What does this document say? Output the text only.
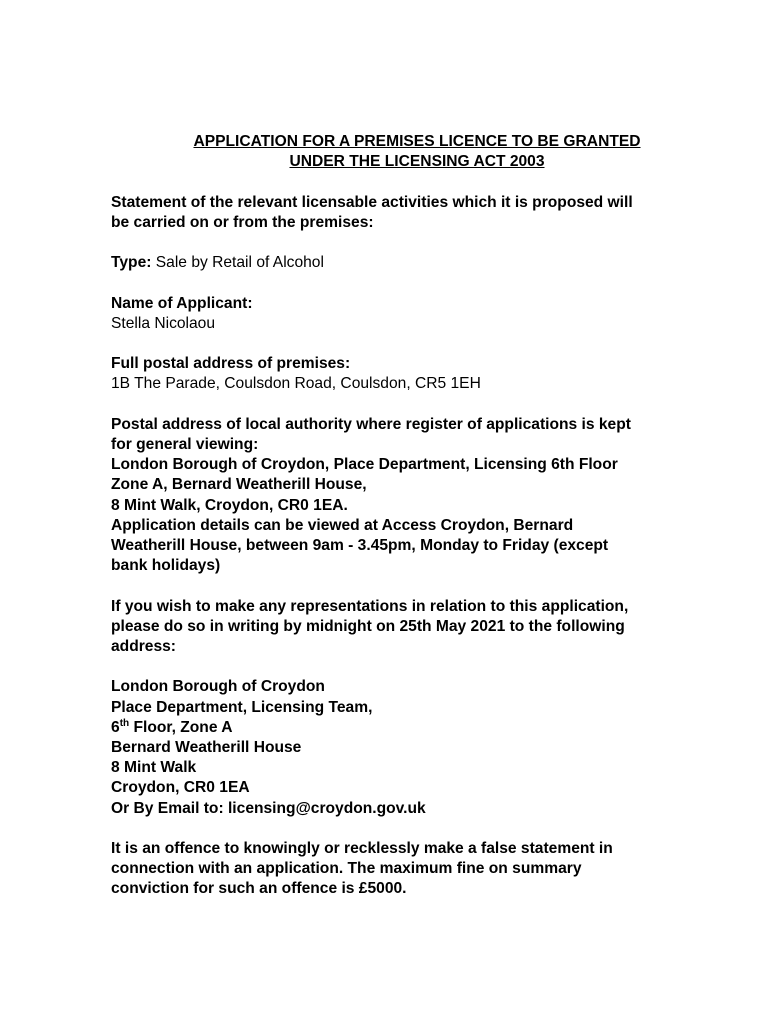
APPLICATION FOR A PREMISES LICENCE TO BE GRANTED
UNDER THE LICENSING ACT 2003
Statement of the relevant licensable activities which it is proposed will
be carried on or from the premises:
Type: Sale by Retail of Alcohol
Name of Applicant:
Stella Nicolaou
Full postal address of premises:
1B The Parade, Coulsdon Road, Coulsdon, CR5 1EH
Postal address of local authority where register of applications is kept
for general viewing:
London Borough of Croydon, Place Department, Licensing 6th Floor
Zone A, Bernard Weatherill House,
8 Mint Walk, Croydon, CR0 1EA.
Application details can be viewed at Access Croydon, Bernard
Weatherill House, between 9am - 3.45pm, Monday to Friday (except
bank holidays)
If you wish to make any representations in relation to this application,
please do so in writing by midnight on 25th May 2021 to the following
address:
London Borough of Croydon
Place Department, Licensing Team,
6th Floor, Zone A
Bernard Weatherill House
8 Mint Walk
Croydon, CR0 1EA
Or By Email to: licensing@croydon.gov.uk
It is an offence to knowingly or recklessly make a false statement in
connection with an application. The maximum fine on summary
conviction for such an offence is £5000.
